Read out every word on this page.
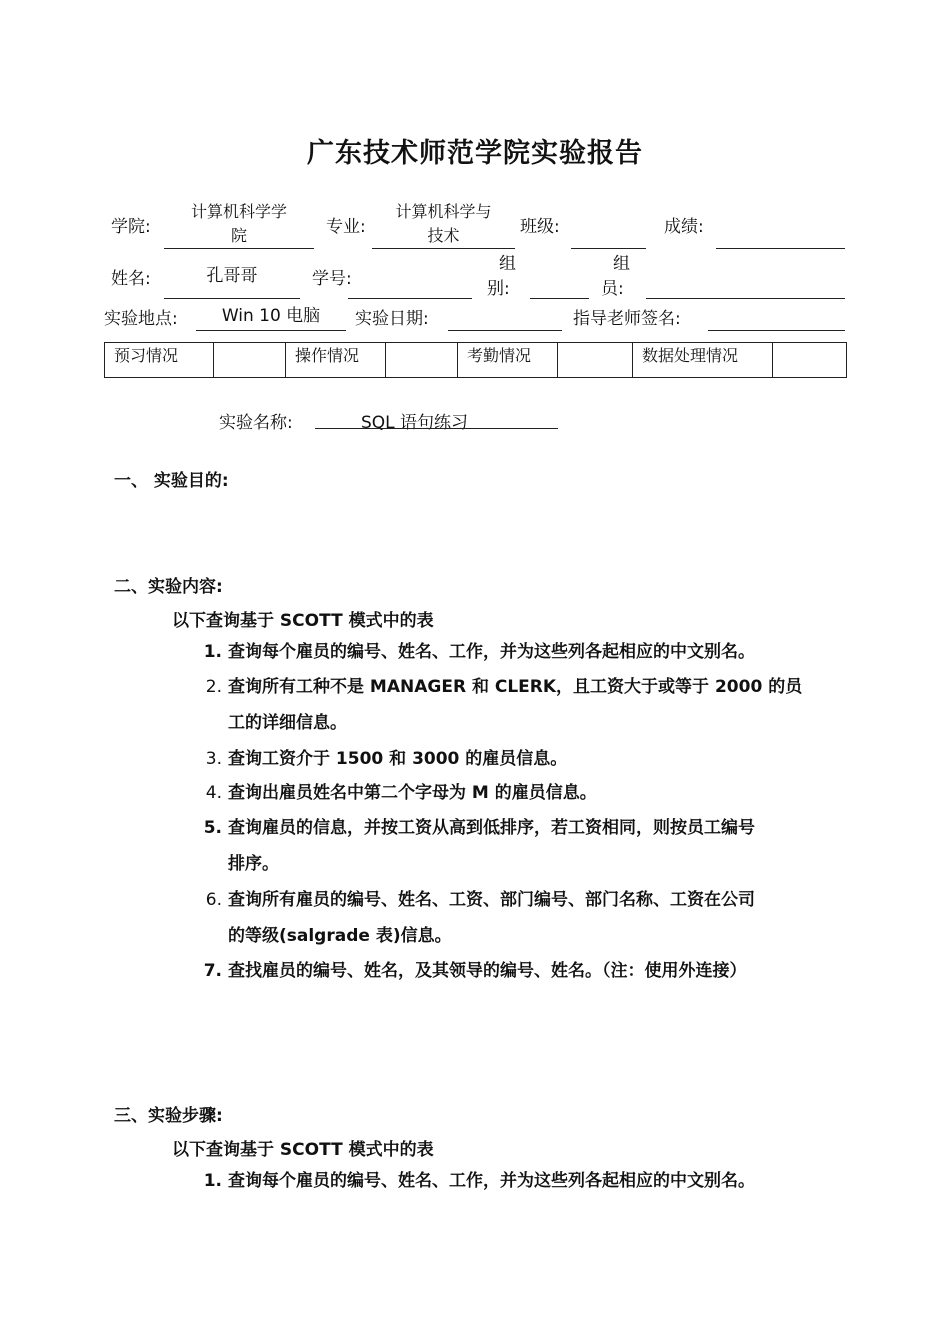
广东技术师范学院实验报告
学院:
计算机科学学
院	专业:
计算机科学与
技术	班级:	成绩:
姓名:	孔哥哥	学号:
组
别:
组
员:
实验地点:	Win 10 电脑	实验日期:	指导老师签名:
预习情况		操作情况		考勤情况		数据处理情况	
实验名称:	SQL 语句练习
一、 实验目的:
二、实验内容:
以下查询基于 SCOTT 模式中的表
1. 查询每个雇员的编号、姓名、工作，并为这些列各起相应的中文别名。
2. 查询所有工种不是 MANAGER 和 CLERK，且工资大于或等于 2000 的员
工的详细信息。
3. 查询工资介于 1500 和 3000 的雇员信息。
4. 查询出雇员姓名中第二个字母为 M 的雇员信息。
5. 查询雇员的信息，并按工资从高到低排序，若工资相同，则按员工编号
排序。
6. 查询所有雇员的编号、姓名、工资、部门编号、部门名称、工资在公司
的等级(salgrade 表)信息。
7. 查找雇员的编号、姓名，及其领导的编号、姓名。（注：使用外连接）
三、实验步骤:
以下查询基于 SCOTT 模式中的表
1. 查询每个雇员的编号、姓名、工作，并为这些列各起相应的中文别名。
